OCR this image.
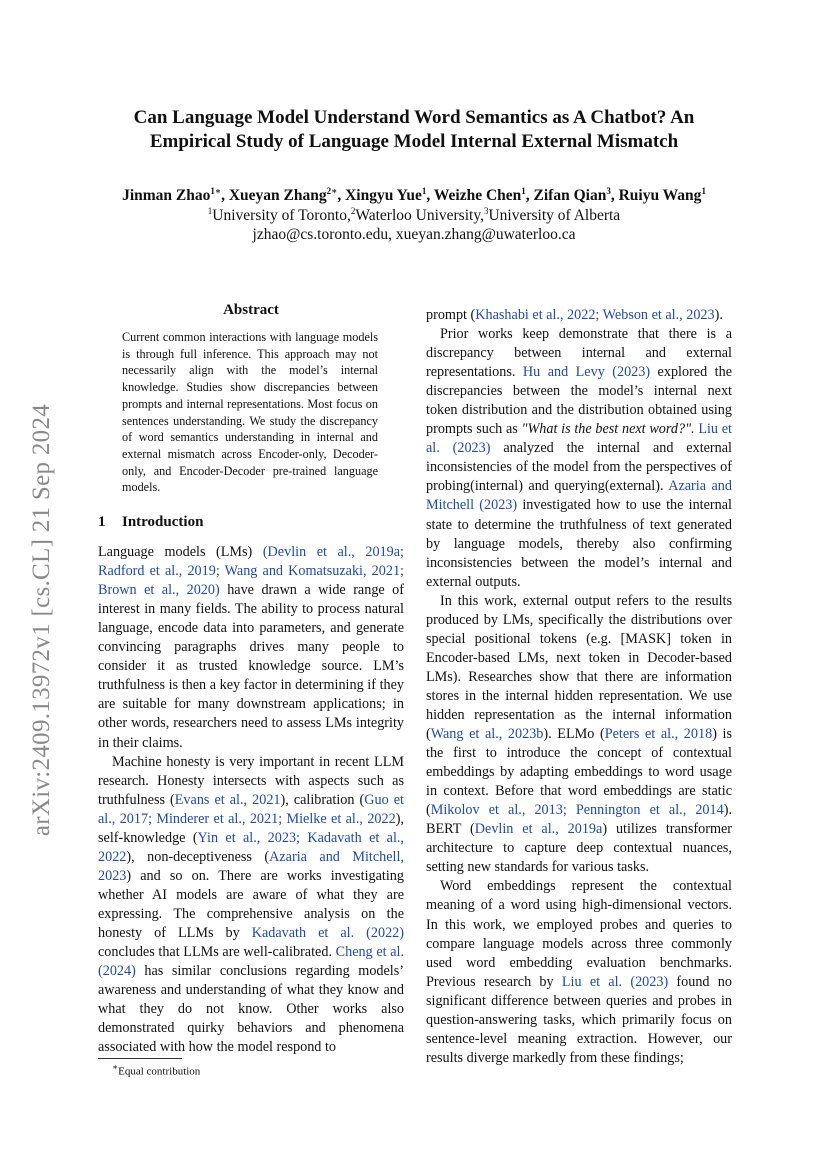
arXiv:2409.13972v1 [cs.CL] 21 Sep 2024
Can Language Model Understand Word Semantics as A Chatbot? An
Empirical Study of Language Model Internal External Mismatch
Jinman Zhao$^{1∗}$, Xueyan Zhang$^{2∗}$, Xingyu Yue$^1$, Weizhe Chen$^1$, Zifan Qian$^3$, Ruiyu Wang$^1$
$^1$University of Toronto,$^2$Waterloo University,$^3$University of Alberta
jzhao@cs.toronto.edu, xueyan.zhang@uwaterloo.ca
Abstract
Current common interactions with language models is through full inference. This approach may not necessarily align with the model’s internal knowledge. Studies show discrepancies between prompts and internal representations. Most focus on sentences understanding. We study the discrepancy of word semantics understanding in internal and external mismatch across Encoder-only, Decoder-only, and Encoder-Decoder pre-trained language models.
1 Introduction

Language models (LMs) (Devlin et al., 2019a; Radford et al., 2019; Wang and Komatsuzaki, 2021; Brown et al., 2020) have drawn a wide range of interest in many fields. The ability to process natural language, encode data into parameters, and generate convincing paragraphs drives many people to consider it as trusted knowledge source. LM’s truthfulness is then a key factor in determining if they are suitable for many downstream applications; in other words, researchers need to assess LMs integrity in their claims.

Machine honesty is very important in recent LLM research. Honesty intersects with aspects such as truthfulness (Evans et al., 2021), calibration (Guo et al., 2017; Minderer et al., 2021; Mielke et al., 2022), self-knowledge (Yin et al., 2023; Kadavath et al., 2022), non-deceptiveness (Azaria and Mitchell, 2023) and so on. There are works investigating whether AI models are aware of what they are expressing. The comprehensive analysis on the honesty of LLMs by Kadavath et al. (2022) concludes that LLMs are well-calibrated. Cheng et al. (2024) has similar conclusions regarding models’ awareness and understanding of what they know and what they do not know. Other works also demonstrated quirky behaviors and phenomena associated with how the model respond to

prompt (Khashabi et al., 2022; Webson et al., 2023).

Prior works keep demonstrate that there is a discrepancy between internal and external representations. Hu and Levy (2023) explored the discrepancies between the model’s internal next token distribution and the distribution obtained using prompts such as "What is the best next word?". Liu et al. (2023) analyzed the internal and external inconsistencies of the model from the perspectives of probing(internal) and querying(external). Azaria and Mitchell (2023) investigated how to use the internal state to determine the truthfulness of text generated by language models, thereby also confirming inconsistencies between the model’s internal and external outputs.

In this work, external output refers to the results produced by LMs, specifically the distributions over special positional tokens (e.g. [MASK] token in Encoder-based LMs, next token in Decoder-based LMs). Researches show that there are information stores in the internal hidden representation. We use hidden representation as the internal information (Wang et al., 2023b). ELMo (Peters et al., 2018) is the first to introduce the concept of contextual embeddings by adapting embeddings to word usage in context. Before that word embeddings are static (Mikolov et al., 2013; Pennington et al., 2014). BERT (Devlin et al., 2019a) utilizes transformer architecture to capture deep contextual nuances, setting new standards for various tasks.

Word embeddings represent the contextual meaning of a word using high-dimensional vectors. In this work, we employed probes and queries to compare language models across three commonly used word embedding evaluation benchmarks. Previous research by Liu et al. (2023) found no significant difference between queries and probes in question-answering tasks, which primarily focus on sentence-level meaning extraction. However, our results diverge markedly from these findings;

∗Equal contribution
